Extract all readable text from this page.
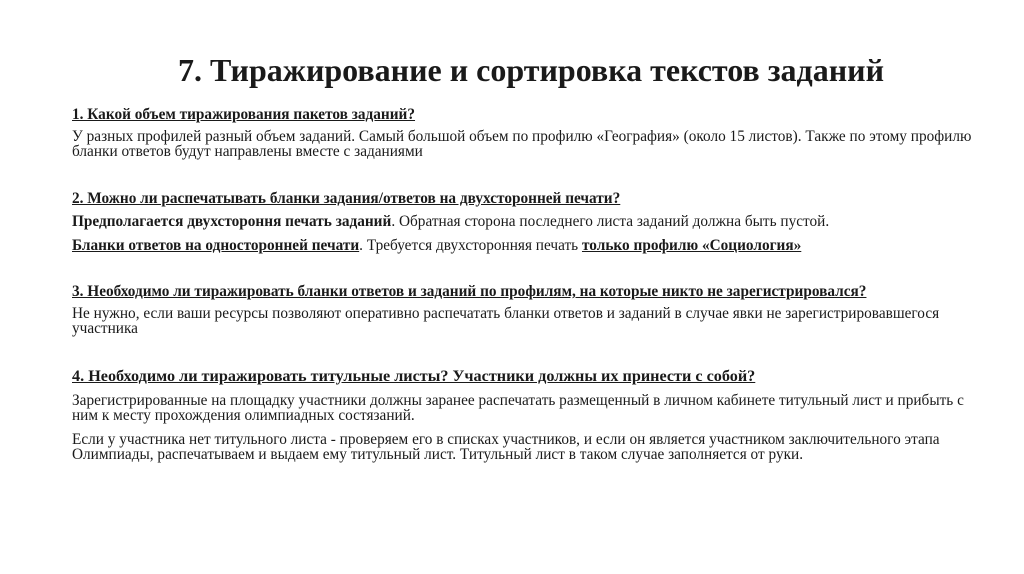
7. Тиражирование и сортировка текстов заданий

1. Какой объем тиражирования пакетов заданий?

У разных профилей разный объем заданий. Самый большой объем по профилю «География» (около 15 листов). Также по этому профилю бланки ответов будут направлены вместе с заданиями

2. Можно ли распечатывать бланки задания/ответов на двухсторонней печати?

Предполагается двухстороння печать заданий. Обратная сторона последнего листа заданий должна быть пустой.

Бланки ответов на односторонней печати. Требуется двухсторонняя печать только профилю «Социология»

3. Необходимо ли тиражировать бланки ответов и заданий по профилям, на которые никто не зарегистрировался?

Не нужно, если ваши ресурсы позволяют оперативно распечатать бланки ответов и заданий в случае явки не зарегистрировавшегося участника

4. Необходимо ли тиражировать титульные листы? Участники должны их принести с собой?

Зарегистрированные на площадку участники должны заранее распечатать размещенный в личном кабинете титульный лист и прибыть с ним к месту прохождения олимпиадных состязаний.

Если у участника нет титульного листа - проверяем его в списках участников, и если он является участником заключительного этапа Олимпиады, распечатываем и выдаем ему титульный лист. Титульный лист в таком случае заполняется от руки.
